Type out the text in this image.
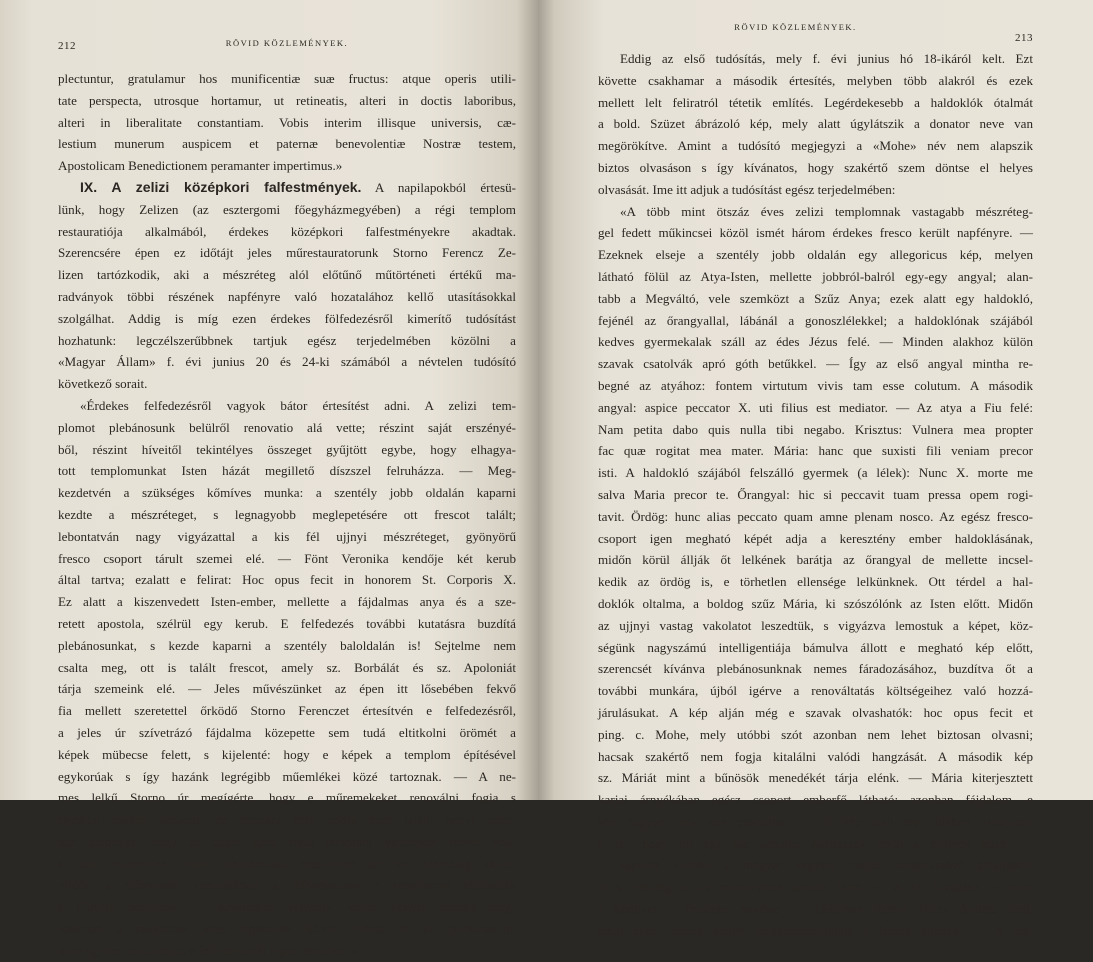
212	RÖVID KÖZLEMÉNYEK.
plectuntur, gratulamur hos munificentiæ suæ fructus: atque operis utili-
tate perspecta, utrosque hortamur, ut retineatis, alteri in doctis laboribus,
alteri in liberalitate constantiam. Vobis interim illisque universis, cæ-
lestium munerum auspicem et paternæ benevolentiæ Nostræ testem,
Apostolicam Benedictionem peramanter impertimus.»
IX. A zelizi középkori falfestmények. A napilapokból értesü-
lünk, hogy Zelizen (az esztergomi főegyházmegyében) a régi templom
restauratiója alkalmából, érdekes középkori falfestményekre akadtak.
Szerencsére épen ez időtájt jeles műrestauratorunk Storno Ferencz Ze-
lizen tartózkodik, aki a mészréteg alól előtűnő műtörténeti értékű ma-
radványok többi részének napfényre való hozatalához kellő utasításokkal
szolgálhat. Addig is míg ezen érdekes fölfedezésről kimerítő tudósítást
hozhatunk: legczélszerűbbnek tartjuk egész terjedelmében közölni a
«Magyar Állam» f. évi junius 20 és 24-ki számából a névtelen tudósító
következő sorait.
«Érdekes felfedezésről vagyok bátor értesítést adni. A zelizi tem-
plomot plebánosunk belülről renovatio alá vette; részint saját erszényé-
ből, részint híveitől tekintélyes összeget gyűjtött egybe, hogy elhagya-
tott templomunkat Isten házát megillető díszszel felruházza. — Meg-
kezdetvén a szükséges kőmíves munka: a szentély jobb oldalán kaparni
kezdte a mészréteget, s legnagyobb meglepetésére ott frescot talált;
lebontatván nagy vigyázattal a kis fél ujjnyi mészréteget, gyönyörű
fresco csoport tárult szemei elé. — Fönt Veronika kendője két kerub
által tartva; ezalatt e felirat: Hoc opus fecit in honorem St. Corporis X.
Ez alatt a kiszenvedett Isten-ember, mellette a fájdalmas anya és a sze-
retett apostola, szélrül egy kerub. E felfedezés további kutatásra buzdítá
plebánosunkat, s kezde kaparni a szentély baloldalán is! Sejtelme nem
csalta meg, ott is talált frescot, amely sz. Borbálát és sz. Apoloniát
tárja szemeink elé. — Jeles művészünket az épen itt lősebében fekvő
fia mellett szeretettel őrködő Storno Ferenczet értesítvén e felfedezésről,
a jeles úr szívetrázó fájdalma közepette sem tudá eltitkolni örömét a
képek mübecse felett, s kijelenté: hogy e képek a templom építésével
egykorúak s így hazánk legrégibb műemlékei közé tartoznak. — A ne-
mes lelkű Storno úr megígérte, hogy e műremekeket renoválni fogja s
egyúttal tovább kutatott, de frescora még eddig nem talált; annyi azon-
ban bizonyos, hogy az egész góth stylű templom valamikor festve volt,
s csak műértetlen lelkek elhatározása meszeltété azt be, hihetőleg akkor,
midőn a reformatió korszakában a reformatusok a templomot elrabolták
s 1730-ig bitorolták. — Kíváncsiak vagyunk, vajjon kegyes leend-e meg-
tekinteni a műkincset jeles régészünk Rómer Flóris úr, kit plebánosunk
mint egykori tanítványa, e felfedezésről legott értesített.»
RÖVID KÖZLEMÉNYEK.
213
Eddig az első tudósítás, mely f. évi junius hó 18-ikáról kelt. Ezt
követte csakhamar a második értesítés, melyben több alakról és ezek
mellett lelt feliratról tétetik említés. Legérdekesebb a haldoklók ótalmát
a bold. Szüzet ábrázoló kép, mely alatt úgylátszik a donator neve van
megörökítve. Amint a tudósító megjegyzi a «Mohe» név nem alapszik
biztos olvasáson s így kívánatos, hogy szakértő szem döntse el helyes
olvasását. Ime itt adjuk a tudósítást egész terjedelmében:
«A több mint ötszáz éves zelizi templomnak vastagabb mészréteg-
gel fedett műkincsei közöl ismét három érdekes fresco került napfényre. —
Ezeknek elseje a szentély jobb oldalán egy allegoricus kép, melyen
látható fölül az Atya-Isten, mellette jobbról-balról egy-egy angyal; alan-
tabb a Megváltó, vele szemközt a Szűz Anya; ezek alatt egy haldokló,
fejénél az őrangyallal, lábánál a gonoszlélekkel; a haldoklónak szájából
kedves gyermekalak száll az édes Jézus felé. — Minden alakhoz külön
szavak csatolvák apró góth betűkkel. — Így az első angyal mintha re-
begné az atyához: fontem virtutum vivis tam esse colutum. A második
angyal: aspice peccator X. uti filius est mediator. — Az atya a Fiu felé:
Nam petita dabo quis nulla tibi negabo. Krisztus: Vulnera mea propter
fac quæ rogitat mea mater. Mária: hanc que suxisti fili veniam precor
isti. A haldokló szájából felszálló gyermek (a lélek): Nunc X. morte me
salva Maria precor te. Őrangyal: hic si peccavit tuam pressa opem rogi-
tavit. Ördög: hunc alias peccato quam amne plenam nosco. Az egész fresco-
csoport igen megható képét adja a keresztény ember haldoklásának,
midőn körül állják őt lelkének barátja az őrangyal de mellette incsel-
kedik az ördög is, e törhetlen ellensége lelkünknek. Ott térdel a hal-
doklók oltalma, a boldog szűz Mária, ki szószólónk az Isten előtt. Midőn
az ujjnyi vastag vakolatot leszedtük, s vigyázva lemostuk a képet, köz-
ségünk nagyszámú intelligentiája bámulva állott e megható kép előtt,
szerencsét kívánva plebánosunknak nemes fáradozásához, buzdítva őt a
további munkára, újból igérve a renováltatás költségeihez való hozzá-
járulásukat. A kép alján még e szavak olvashatók: hoc opus fecit et
ping. c. Mohe, mely utóbbi szót azonban nem lehet biztosan olvasni;
hacsak szakértő nem fogja kitalálni valódi hangzását. A második kép
sz. Máriát mint a bűnösök menedékét tárja elénk. — Mária kiterjesztett
karjai árnyékában egész csoport emberfő látható: azonban fájdalom, e
kép nagyon meg van csonkítva. — E kép alatt régi időben kivágatott
a fal, hogy ott egy kis kápolna ékeltessék kívül a pillérek közé. —
E kápolna később a magyar kegyuri család oratoriumává alakíttatott
át s jelenleg is ily minőségben tartatik fönn. — A fal kivágása — mint
a kőmíves a frescoba bevéste — 1622-ben történt Heicz András által,
tehát ezen időben kellett megsemmisíttetnie a fresco aljának. — A har-
